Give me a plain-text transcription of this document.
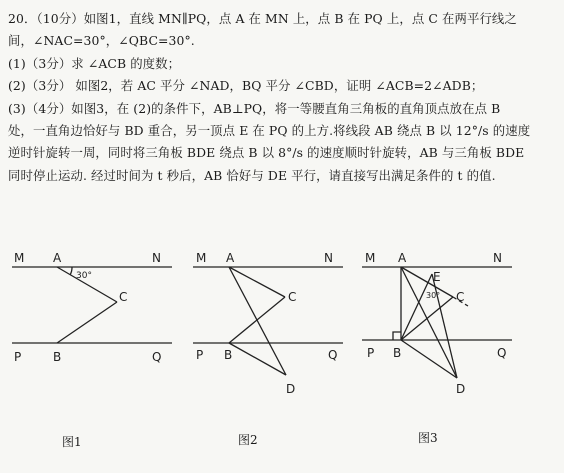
20．（10分）如图1，直线 MN∥PQ，点 A 在 MN 上，点 B 在 PQ 上，点 C 在两平行线之
间，∠NAC=30°，∠QBC=30°.
(1)（3分）求 ∠ACB 的度数；
(2)（3分） 如图2，若 AC 平分 ∠NAD，BQ 平分 ∠CBD，证明 ∠ACB=2∠ADB；
(3)（4分）如图3，在 (2)的条件下，AB⊥PQ，将一等腰直角三角板的直角顶点放在点 B
处，一直角边恰好与 BD 重合，另一顶点 E 在 PQ 的上方.将线段 AB 绕点 B 以 12°/s 的速度
逆时针旋转一周，同时将三角板 BDE 绕点 B 以 8°/s 的速度顺时针旋转，AB 与三角板 BDE
同时停止运动. 经过时间为 t 秒后，AB 恰好与 DE 平行，请直接写出满足条件的 t 的值.
M A	N
30°
C
P	B	Q
M A	N
C
P B	Q
D
M A	N
E
30° C
P B	Q
D
图1	图2	图3
